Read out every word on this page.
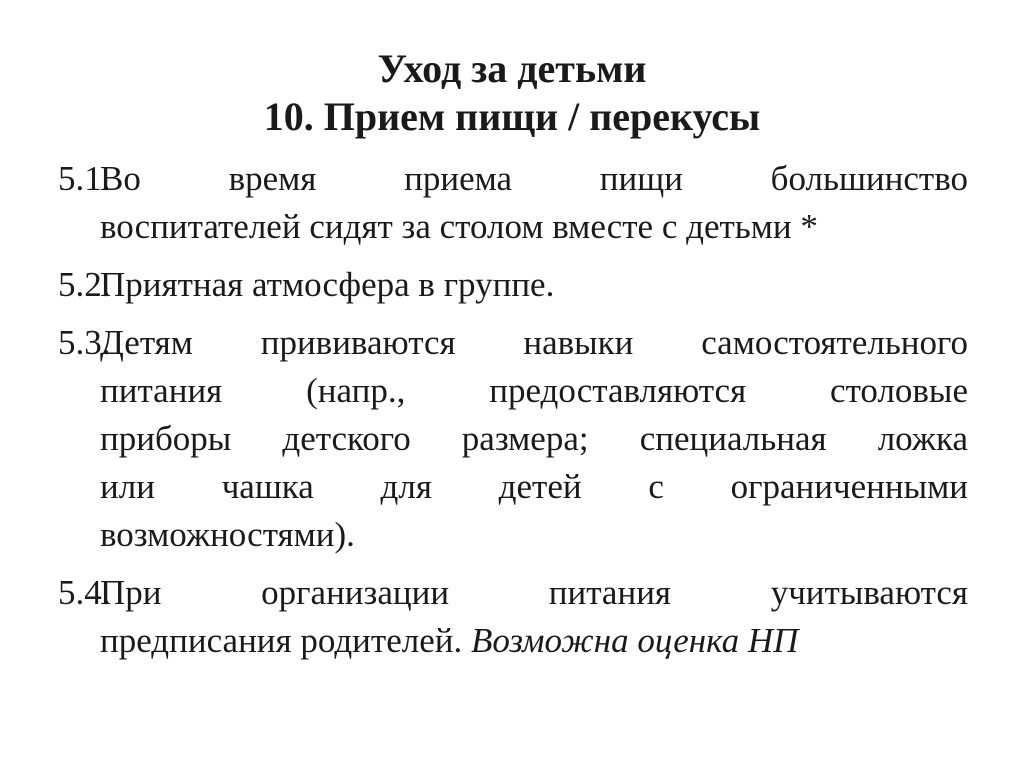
Уход за детьми
10. Прием пищи / перекусы
5.1.
Во время приема пищи большинство
воспитателей сидят за столом вместе с детьми *
5.2.
Приятная атмосфера в группе.
5.3.
Детям прививаются навыки самостоятельного
питания (напр., предоставляются столовые
приборы детского размера; специальная ложка
или чашка для детей с ограниченными
возможностями).
5.4.
При организации питания учитываются
предписания родителей. Возможна оценка НП
